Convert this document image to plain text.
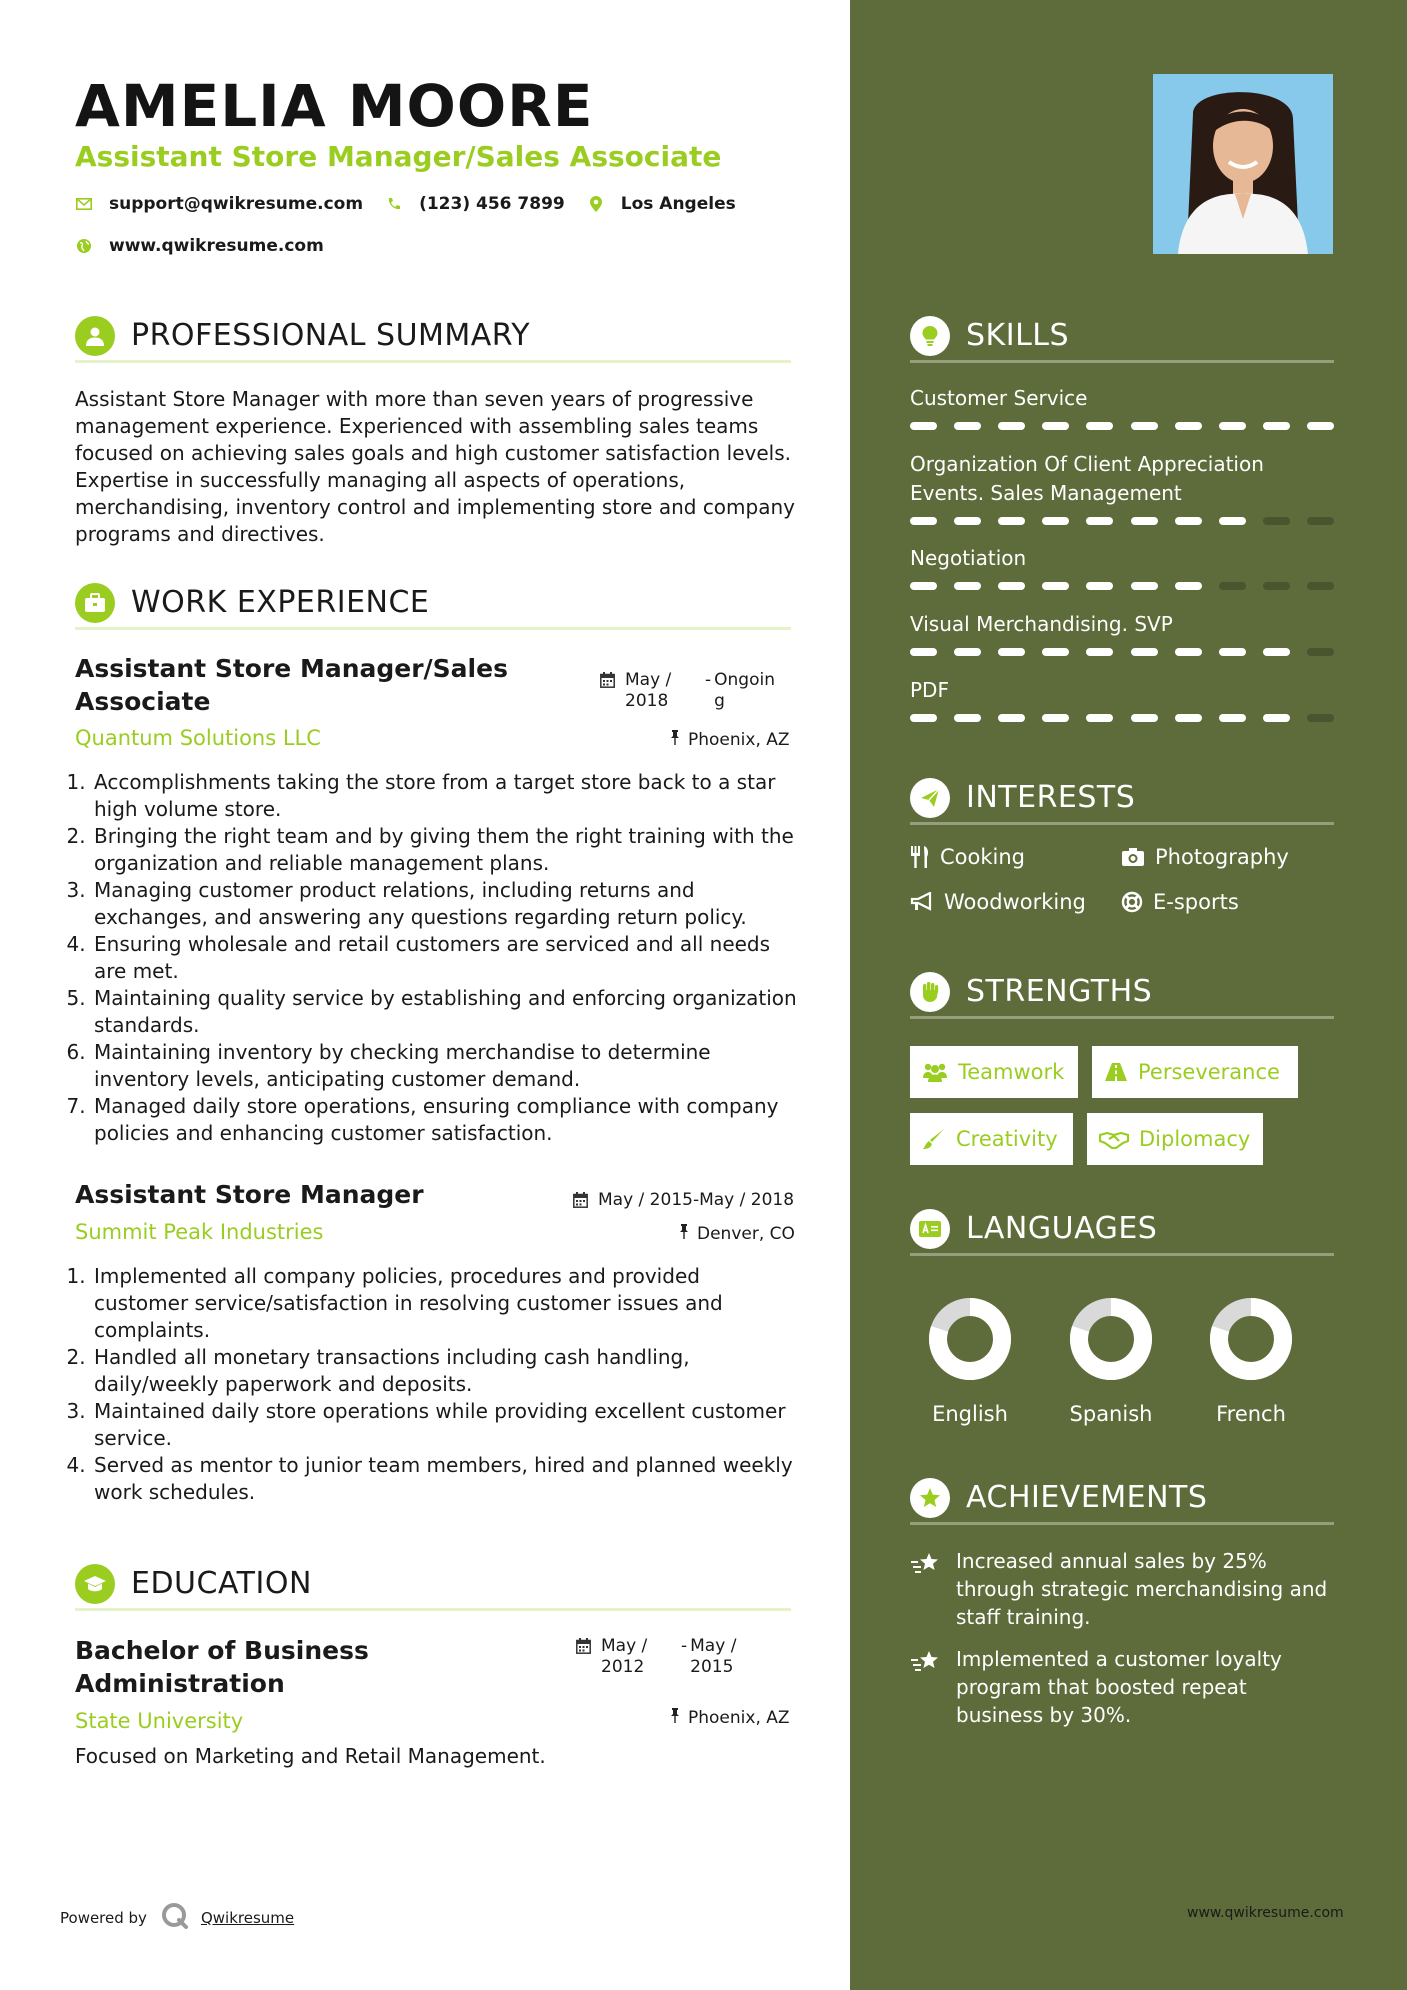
AMELIA MOORE
Assistant Store Manager/Sales Associate
support@qwikresume.com	(123) 456 7899	Los Angeles
www.qwikresume.com
PROFESSIONAL SUMMARY
Assistant Store Manager with more than seven years of progressive management experience. Experienced with assembling sales teams focused on achieving sales goals and high customer satisfaction levels. Expertise in successfully managing all aspects of operations, merchandising, inventory control and implementing store and company programs and directives.
WORK EXPERIENCE
Assistant Store Manager/Sales
Associate
May /
2018
- Ongoin
g
Quantum Solutions LLC	Phoenix, AZ
1. Accomplishments taking the store from a target store back to a star high volume store.
2. Bringing the right team and by giving them the right training with the organization and reliable management plans.
3. Managing customer product relations, including returns and exchanges, and answering any questions regarding return policy.
4. Ensuring wholesale and retail customers are serviced and all needs are met.
5. Maintaining quality service by establishing and enforcing organization standards.
6. Maintaining inventory by checking merchandise to determine inventory levels, anticipating customer demand.
7. Managed daily store operations, ensuring compliance with company policies and enhancing customer satisfaction.
Assistant Store Manager	May / 2015-May / 2018
Summit Peak Industries	Denver, CO
1. Implemented all company policies, procedures and provided customer service/satisfaction in resolving customer issues and complaints.
2. Handled all monetary transactions including cash handling, daily/weekly paperwork and deposits.
3. Maintained daily store operations while providing excellent customer service.
4. Served as mentor to junior team members, hired and planned weekly work schedules.
EDUCATION
Bachelor of Business
Administration
May /
2012
- May /
2015
State University	Phoenix, AZ
Focused on Marketing and Retail Management.
Powered by	Qwikresume
SKILLS
Customer Service
Organization Of Client Appreciation Events. Sales Management
Negotiation
Visual Merchandising. SVP
PDF
INTERESTS
Cooking	Photography
Woodworking	E-sports
STRENGTHS
Teamwork	Perseverance
Creativity	Diplomacy
LANGUAGES
English	Spanish	French
ACHIEVEMENTS
Increased annual sales by 25% through strategic merchandising and staff training.
Implemented a customer loyalty program that boosted repeat business by 30%.
www.qwikresume.com
